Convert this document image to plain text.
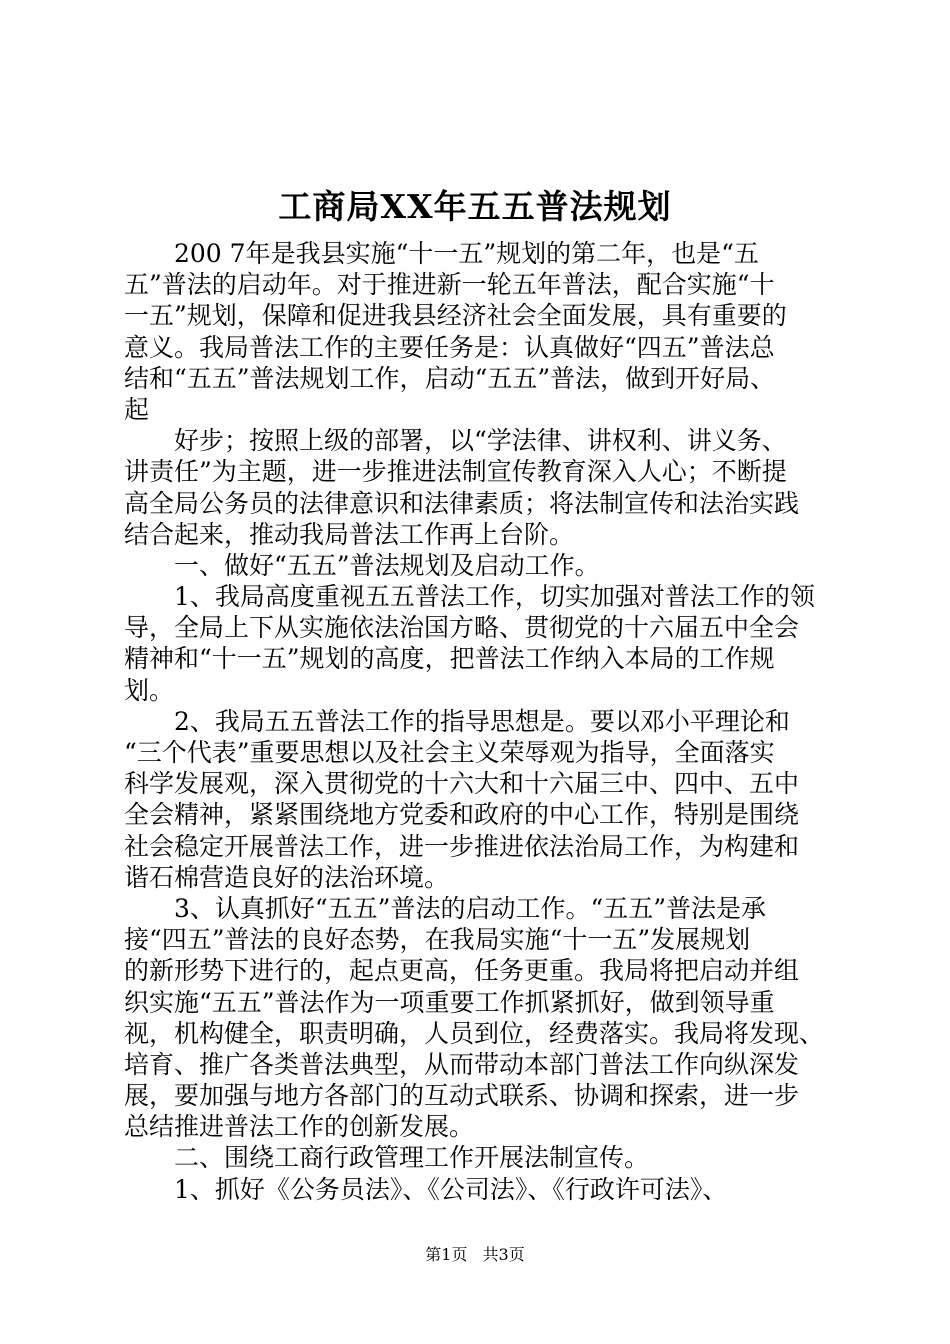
工商局XX年五五普法规划
　　200 7年是我县实施“十一五”规划的第二年，也是“五
五”普法的启动年。对于推进新一轮五年普法，配合实施“十
一五”规划，保障和促进我县经济社会全面发展，具有重要的
意义。我局普法工作的主要任务是：认真做好“四五”普法总
结和“五五”普法规划工作，启动“五五”普法，做到开好局、
起
　　好步；按照上级的部署，以“学法律、讲权利、讲义务、
讲责任”为主题，进一步推进法制宣传教育深入人心；不断提
高全局公务员的法律意识和法律素质；将法制宣传和法治实践
结合起来，推动我局普法工作再上台阶。
　　一、做好“五五”普法规划及启动工作。
　　1、我局高度重视五五普法工作，切实加强对普法工作的领
导，全局上下从实施依法治国方略、贯彻党的十六届五中全会
精神和“十一五”规划的高度，把普法工作纳入本局的工作规
划。
　　2、我局五五普法工作的指导思想是。要以邓小平理论和
“三个代表”重要思想以及社会主义荣辱观为指导，全面落实
科学发展观，深入贯彻党的十六大和十六届三中、四中、五中
全会精神，紧紧围绕地方党委和政府的中心工作，特别是围绕
社会稳定开展普法工作，进一步推进依法治局工作，为构建和
谐石棉营造良好的法治环境。
　　3、认真抓好“五五”普法的启动工作。“五五”普法是承
接“四五”普法的良好态势，在我局实施“十一五”发展规划
的新形势下进行的，起点更高，任务更重。我局将把启动并组
织实施“五五”普法作为一项重要工作抓紧抓好，做到领导重
视，机构健全，职责明确，人员到位，经费落实。我局将发现、
培育、推广各类普法典型，从而带动本部门普法工作向纵深发
展，要加强与地方各部门的互动式联系、协调和探索，进一步
总结推进普法工作的创新发展。
　　二、围绕工商行政管理工作开展法制宣传。
　　1、抓好《公务员法》、《公司法》、《行政许可法》、
第1页 共3页
